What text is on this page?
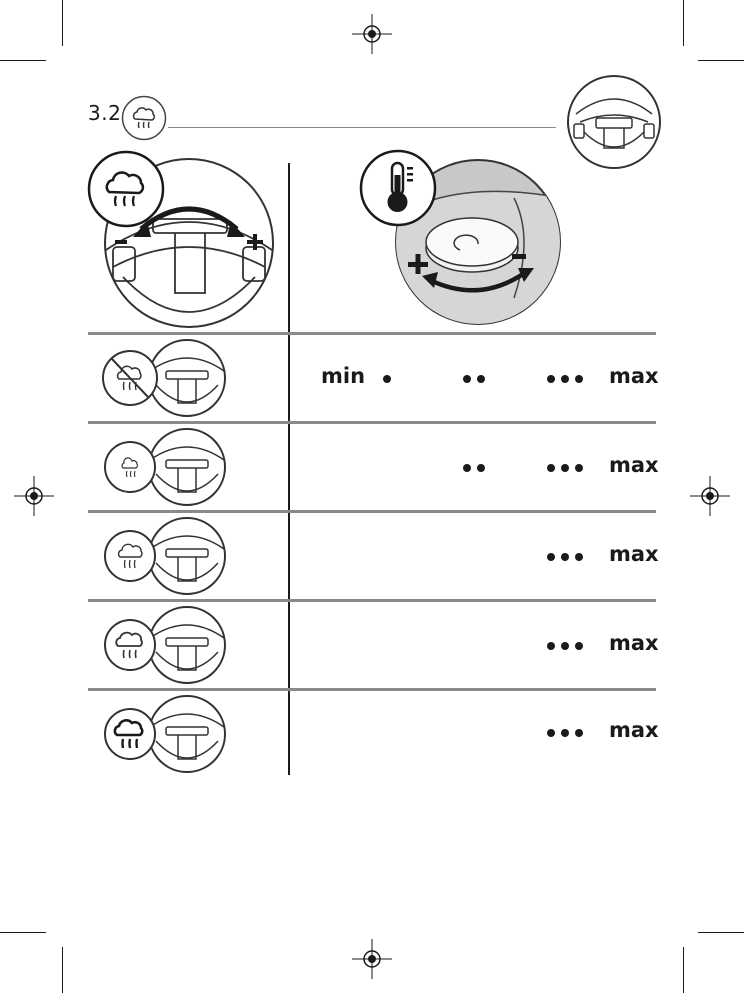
3.2
min	max
max
max
max
max
